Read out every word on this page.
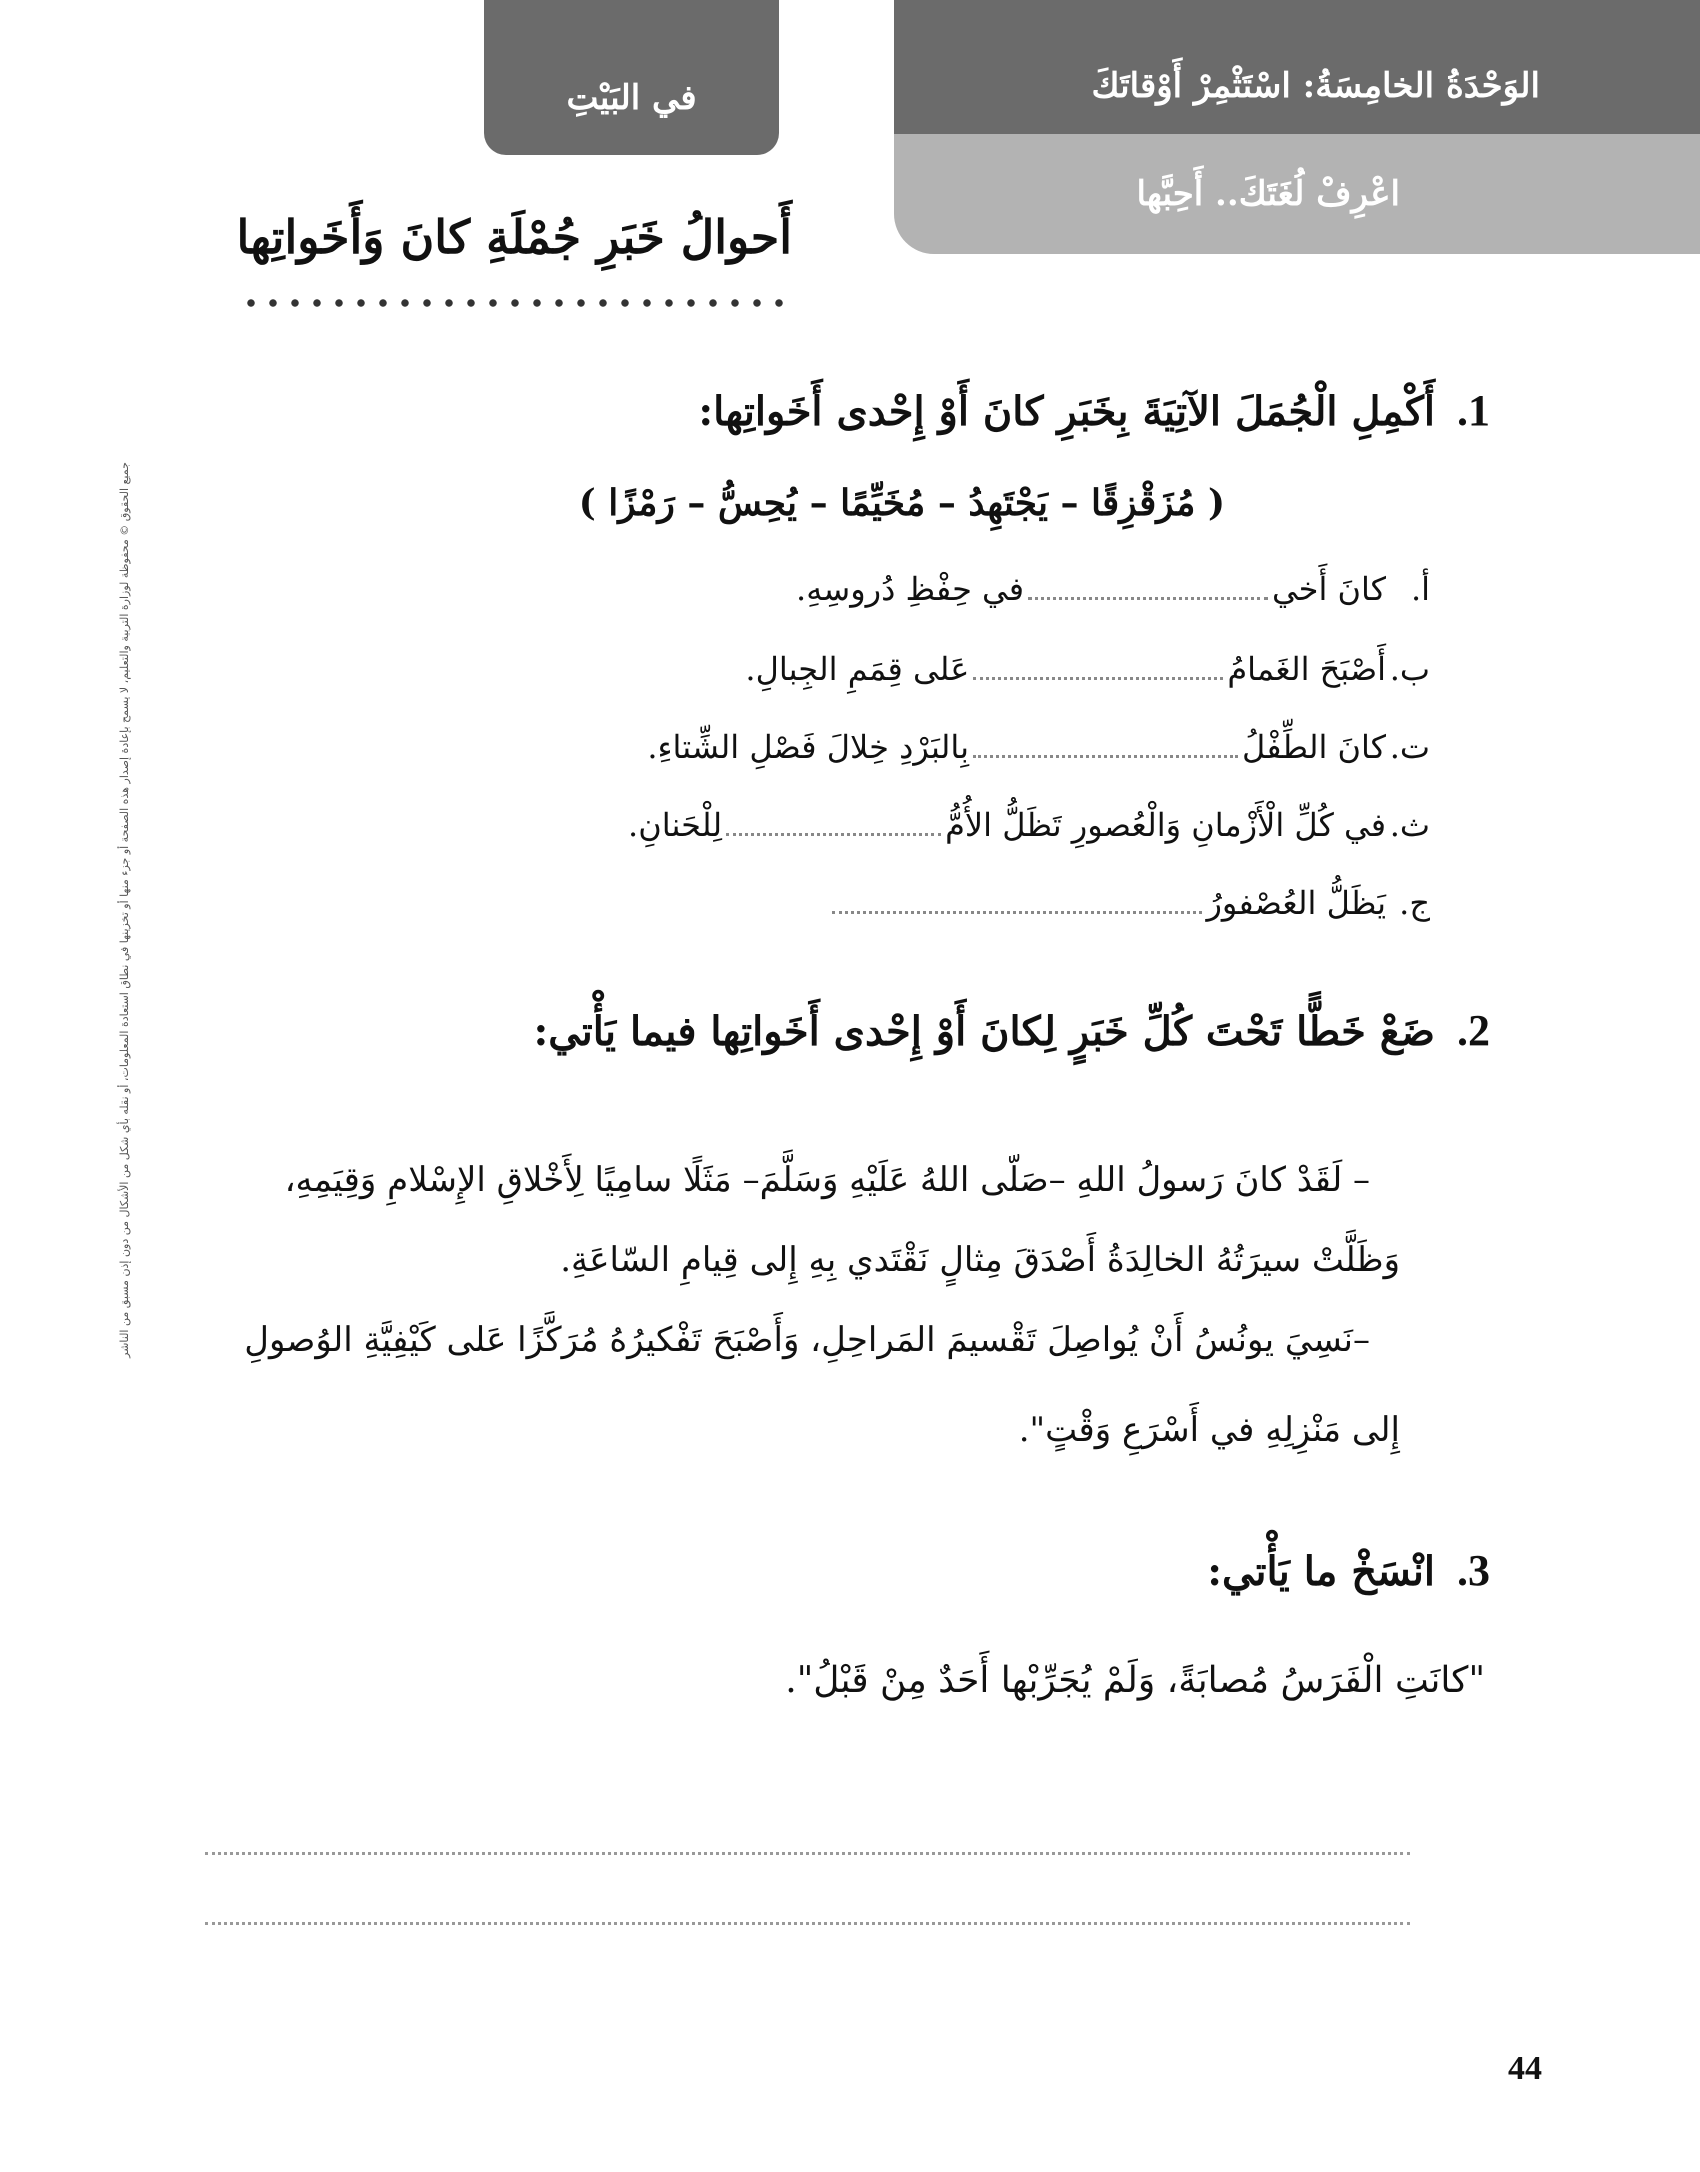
في البَيْتِ	الوَحْدَةُ الخامِسَةُ: اسْتَثْمِرْ أَوْقاتَكَ
اعْرِفْ لُغَتَكَ.. أَحِبَّها
أَحوالُ خَبَرِ جُمْلَةِ كانَ وَأَخَواتِها
1.أَكْمِلِ الْجُمَلَ الآتِيَةَ بِخَبَرِ كانَ أَوْ إِحْدى أَخَواتِها:
( مُزَقْزِقًا – يَجْتَهِدُ – مُخَيِّمًا – يُحِسُّ – رَمْزًا )
أ.كانَ أَخيفي حِفْظِ دُروسِهِ.
ب.أَصْبَحَ الغَمامُعَلى قِمَمِ الجِبالِ.
ت.كانَ الطِّفْلُبِالبَرْدِ خِلالَ فَصْلِ الشِّتاءِ.
ث.في كُلِّ الْأَزْمانِ وَالْعُصورِ تَظَلُّ الأُمُّلِلْحَنانِ.
ج.يَظَلُّ العُصْفورُ
2.ضَعْ خَطًّا تَحْتَ كُلِّ خَبَرٍ لِكانَ أَوْ إِحْدى أَخَواتِها فيما يَأْتي:
– لَقَدْ كانَ رَسولُ اللهِ –صَلّى اللهُ عَلَيْهِ وَسَلَّمَ– مَثَلًا سامِيًا لِأَخْلاقِ الإِسْلامِ وَقِيَمِهِ،
وَظَلَّتْ سيرَتُهُ الخالِدَةُ أَصْدَقَ مِثالٍ نَقْتَدي بِهِ إِلى قِيامِ السّاعَةِ.
–نَسِيَ يونُسُ أَنْ يُواصِلَ تَقْسيمَ المَراحِلِ، وَأَصْبَحَ تَفْكيرُهُ مُرَكَّزًا عَلى كَيْفِيَّةِ الوُصولِ
إِلى مَنْزِلِهِ في أَسْرَعِ وَقْتٍ".
3.انْسَخْ ما يَأْتي:
"كانَتِ الْفَرَسُ مُصابَةً، وَلَمْ يُجَرِّبْها أَحَدٌ مِنْ قَبْلُ".
جميع الحقوق © محفوظة لوزارة التربية والتعليم، لا يسمح بإعادة إصدار هذه الصفحة أو جزء منها أو تخزينها في نطاق استعادة المعلومات، أو نقله بأي شكل من الأشكال من دون إذن مسبق من الناشر
44
